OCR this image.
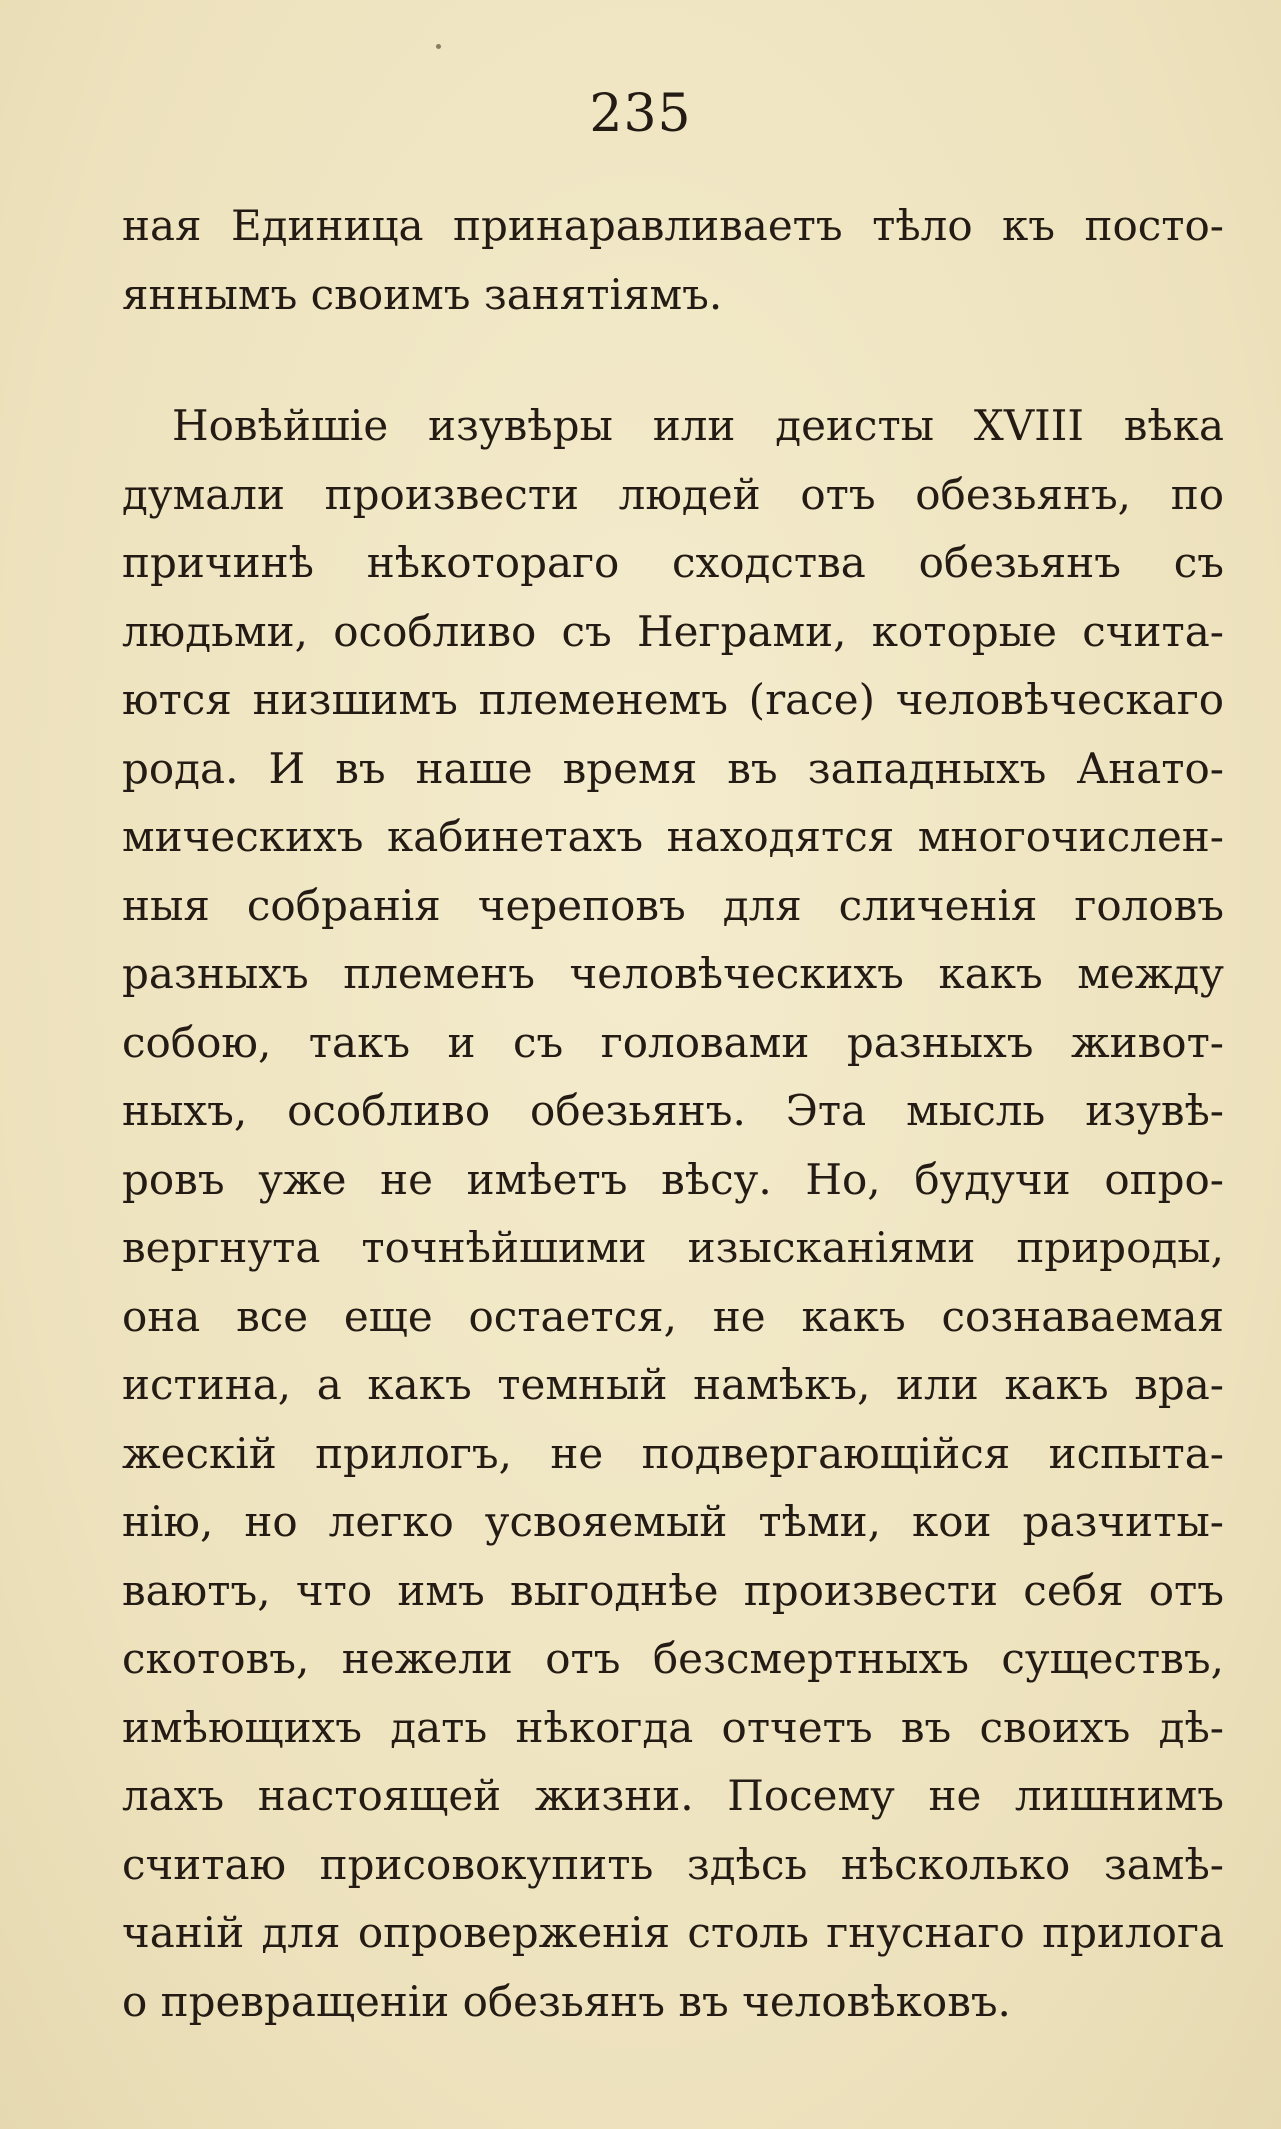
235
ная Единица принаравливаетъ тѣло къ посто-
яннымъ своимъ занятіямъ.
Новѣйшіе изувѣры или деисты XVIII вѣка
думали произвести людей отъ обезьянъ, по
причинѣ нѣкотораго сходства обезьянъ съ
людьми, особливо съ Неграми, которые счита-
ются низшимъ племенемъ (race) человѣческаго
рода. И въ наше время въ западныхъ Анато-
мическихъ кабинетахъ находятся многочислен-
ныя собранія череповъ для сличенія головъ
разныхъ племенъ человѣческихъ какъ между
собою, такъ и съ головами разныхъ живот-
ныхъ, особливо обезьянъ. Эта мысль изувѣ-
ровъ уже не имѣетъ вѣсу. Но, будучи опро-
вергнута точнѣйшими изысканіями природы,
она все еще остается, не какъ сознаваемая
истина, а какъ темный намѣкъ, или какъ вра-
жескій прилогъ, не подвергающійся испыта-
нію, но легко усвояемый тѣми, кои разчиты-
ваютъ, что имъ выгоднѣе произвести себя отъ
скотовъ, нежели отъ безсмертныхъ существъ,
имѣющихъ дать нѣкогда отчетъ въ своихъ дѣ-
лахъ настоящей жизни. Посему не лишнимъ
считаю присовокупить здѣсь нѣсколько замѣ-
чаній для опроверженія столь гнуснаго прилога
о превращеніи обезьянъ въ человѣковъ.
